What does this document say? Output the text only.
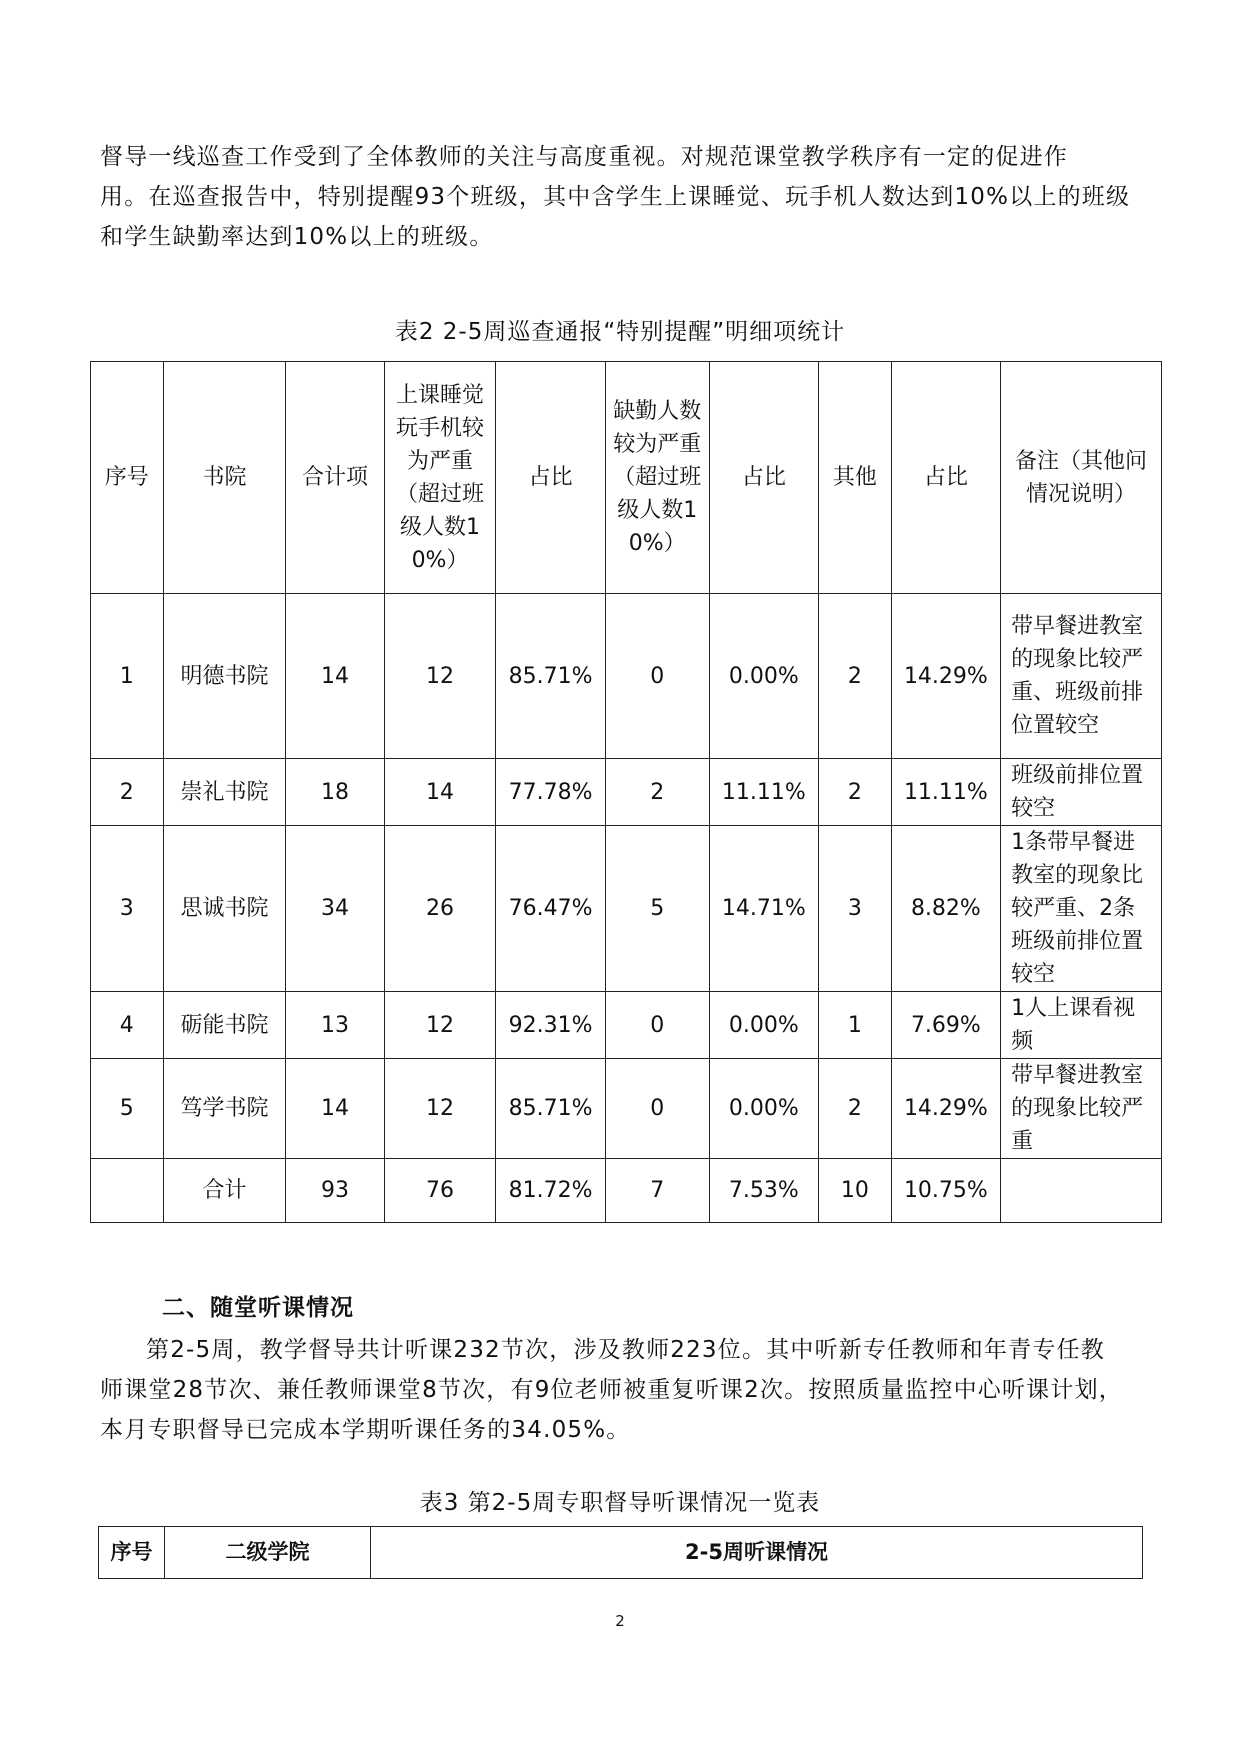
督导一线巡查工作受到了全体教师的关注与高度重视。对规范课堂教学秩序有一定的促进作

用。在巡查报告中，特别提醒93个班级，其中含学生上课睡觉、玩手机人数达到10%以上的班级

和学生缺勤率达到10%以上的班级。

表2 2-5周巡查通报“特别提醒”明细项统计
序号	书院	合计项	上课睡觉玩手机较为严重（超过班级人数10%）	占比	缺勤人数较为严重（超过班级人数10%）	占比	其他	占比	备注（其他问情况说明）
1	明德书院	14	12	85.71%	0	0.00%	2	14.29%	带早餐进教室的现象比较严重、班级前排位置较空
2	崇礼书院	18	14	77.78%	2	11.11%	2	11.11%	班级前排位置较空
3	思诚书院	34	26	76.47%	5	14.71%	3	8.82%	1条带早餐进教室的现象比较严重、2条班级前排位置较空
4	砺能书院	13	12	92.31%	0	0.00%	1	7.69%	1人上课看视频
5	笃学书院	14	12	85.71%	0	0.00%	2	14.29%	带早餐进教室的现象比较严重
	合计	93	76	81.72%	7	7.53%	10	10.75%	
二、随堂听课情况

第2-5周，教学督导共计听课232节次，涉及教师223位。其中听新专任教师和年青专任教

师课堂28节次、兼任教师课堂8节次，有9位老师被重复听课2次。按照质量监控中心听课计划，

本月专职督导已完成本学期听课任务的34.05%。

表3 第2-5周专职督导听课情况一览表
序号	二级学院	2-5周听课情况
2
